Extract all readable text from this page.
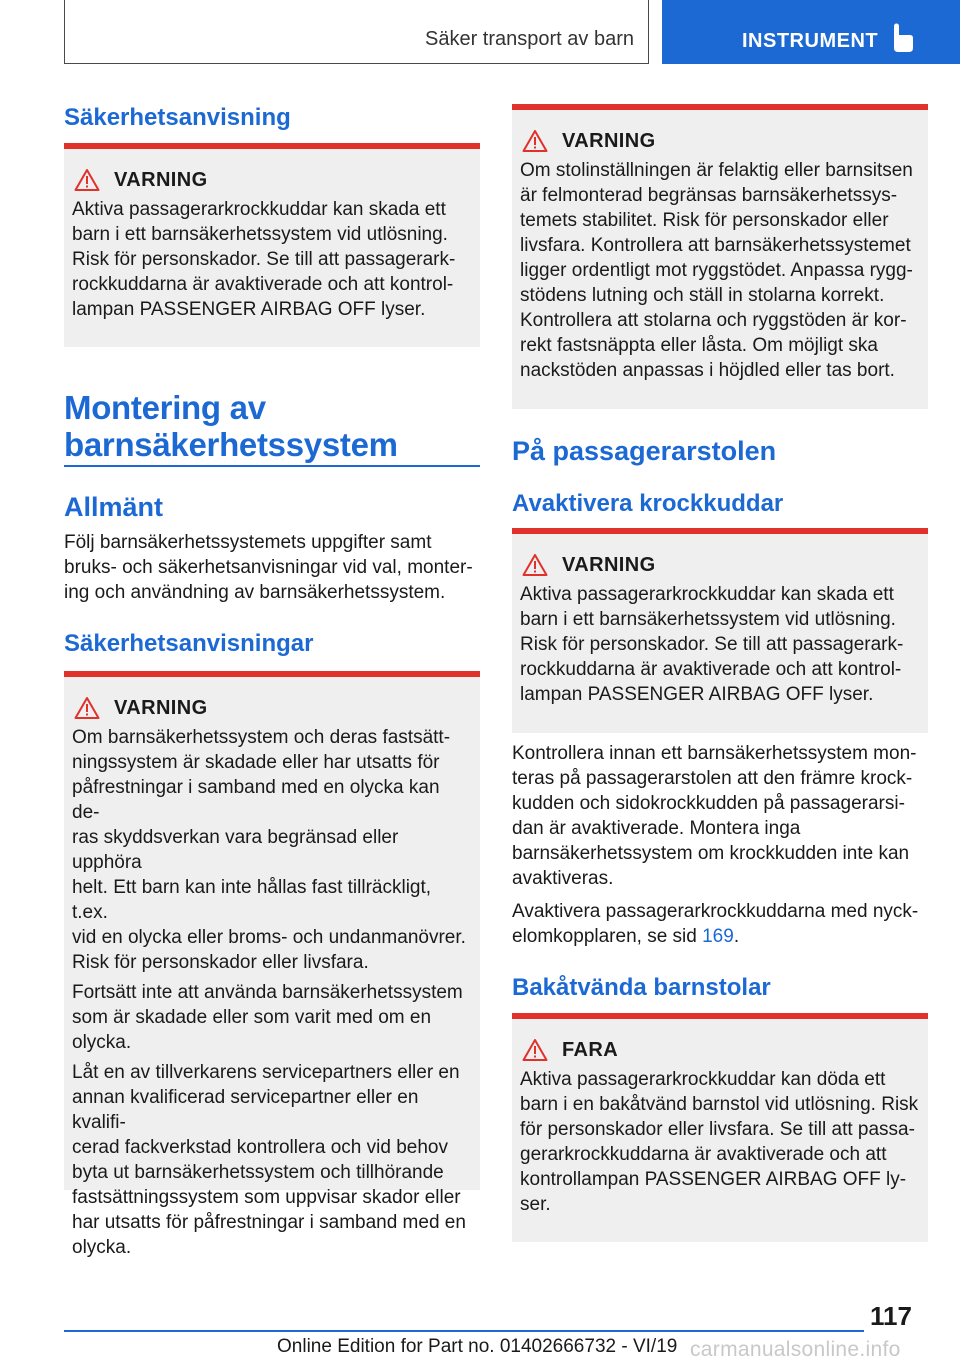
Säker transport av barn	INSTRUMENT
Säkerhetsanvisning
VARNING

Aktiva passagerarkrockkuddar kan skada ett
barn i ett barnsäkerhetssystem vid utlösning.
Risk för personskador. Se till att passagerark-
rockkuddarna är avaktiverade och att kontrol-
lampan PASSENGER AIRBAG OFF lyser.

Montering av
barnsäkerhetssystem
Allmänt
Följ barnsäkerhetssystemets uppgifter samt
bruks- och säkerhetsanvisningar vid val, monter-
ing och användning av barnsäkerhetssystem.
Säkerhetsanvisningar
VARNING

Om barnsäkerhetssystem och deras fastsätt-
ningssystem är skadade eller har utsatts för
påfrestningar i samband med en olycka kan de-
ras skyddsverkan vara begränsad eller upphöra
helt. Ett barn kan inte hållas fast tillräckligt, t.ex.
vid en olycka eller broms- och undanmanövrer.
Risk för personskador eller livsfara.

Fortsätt inte att använda barnsäkerhetssystem
som är skadade eller som varit med om en
olycka.

Låt en av tillverkarens servicepartners eller en
annan kvalificerad servicepartner eller en kvalifi-
cerad fackverkstad kontrollera och vid behov
byta ut barnsäkerhetssystem och tillhörande
fastsättningssystem som uppvisar skador eller
har utsatts för påfrestningar i samband med en
olycka.

VARNING

Om stolinställningen är felaktig eller barnsitsen
är felmonterad begränsas barnsäkerhetssys-
temets stabilitet. Risk för personskador eller
livsfara. Kontrollera att barnsäkerhetssystemet
ligger ordentligt mot ryggstödet. Anpassa rygg-
stödens lutning och ställ in stolarna korrekt.
Kontrollera att stolarna och ryggstöden är kor-
rekt fastsnäppta eller låsta. Om möjligt ska
nackstöden anpassas i höjdled eller tas bort.

På passagerarstolen
Avaktivera krockkuddar
VARNING

Aktiva passagerarkrockkuddar kan skada ett
barn i ett barnsäkerhetssystem vid utlösning.
Risk för personskador. Se till att passagerark-
rockkuddarna är avaktiverade och att kontrol-
lampan PASSENGER AIRBAG OFF lyser.

Kontrollera innan ett barnsäkerhetssystem mon-
teras på passagerarstolen att den främre krock-
kudden och sidokrockkudden på passagerarsi-
dan är avaktiverade. Montera inga
barnsäkerhetssystem om krockkudden inte kan
avaktiveras.
Avaktivera passagerarkrockkuddarna med nyck-
elomkopplaren, se sid 169.
Bakåtvända barnstolar
FARA

Aktiva passagerarkrockkuddar kan döda ett
barn i en bakåtvänd barnstol vid utlösning. Risk
för personskador eller livsfara. Se till att passa-
gerarkrockkuddarna är avaktiverade och att
kontrollampan PASSENGER AIRBAG OFF ly-
ser.

117
Online Edition for Part no. 01402666732 - VI/19 carmanualsonline.info
